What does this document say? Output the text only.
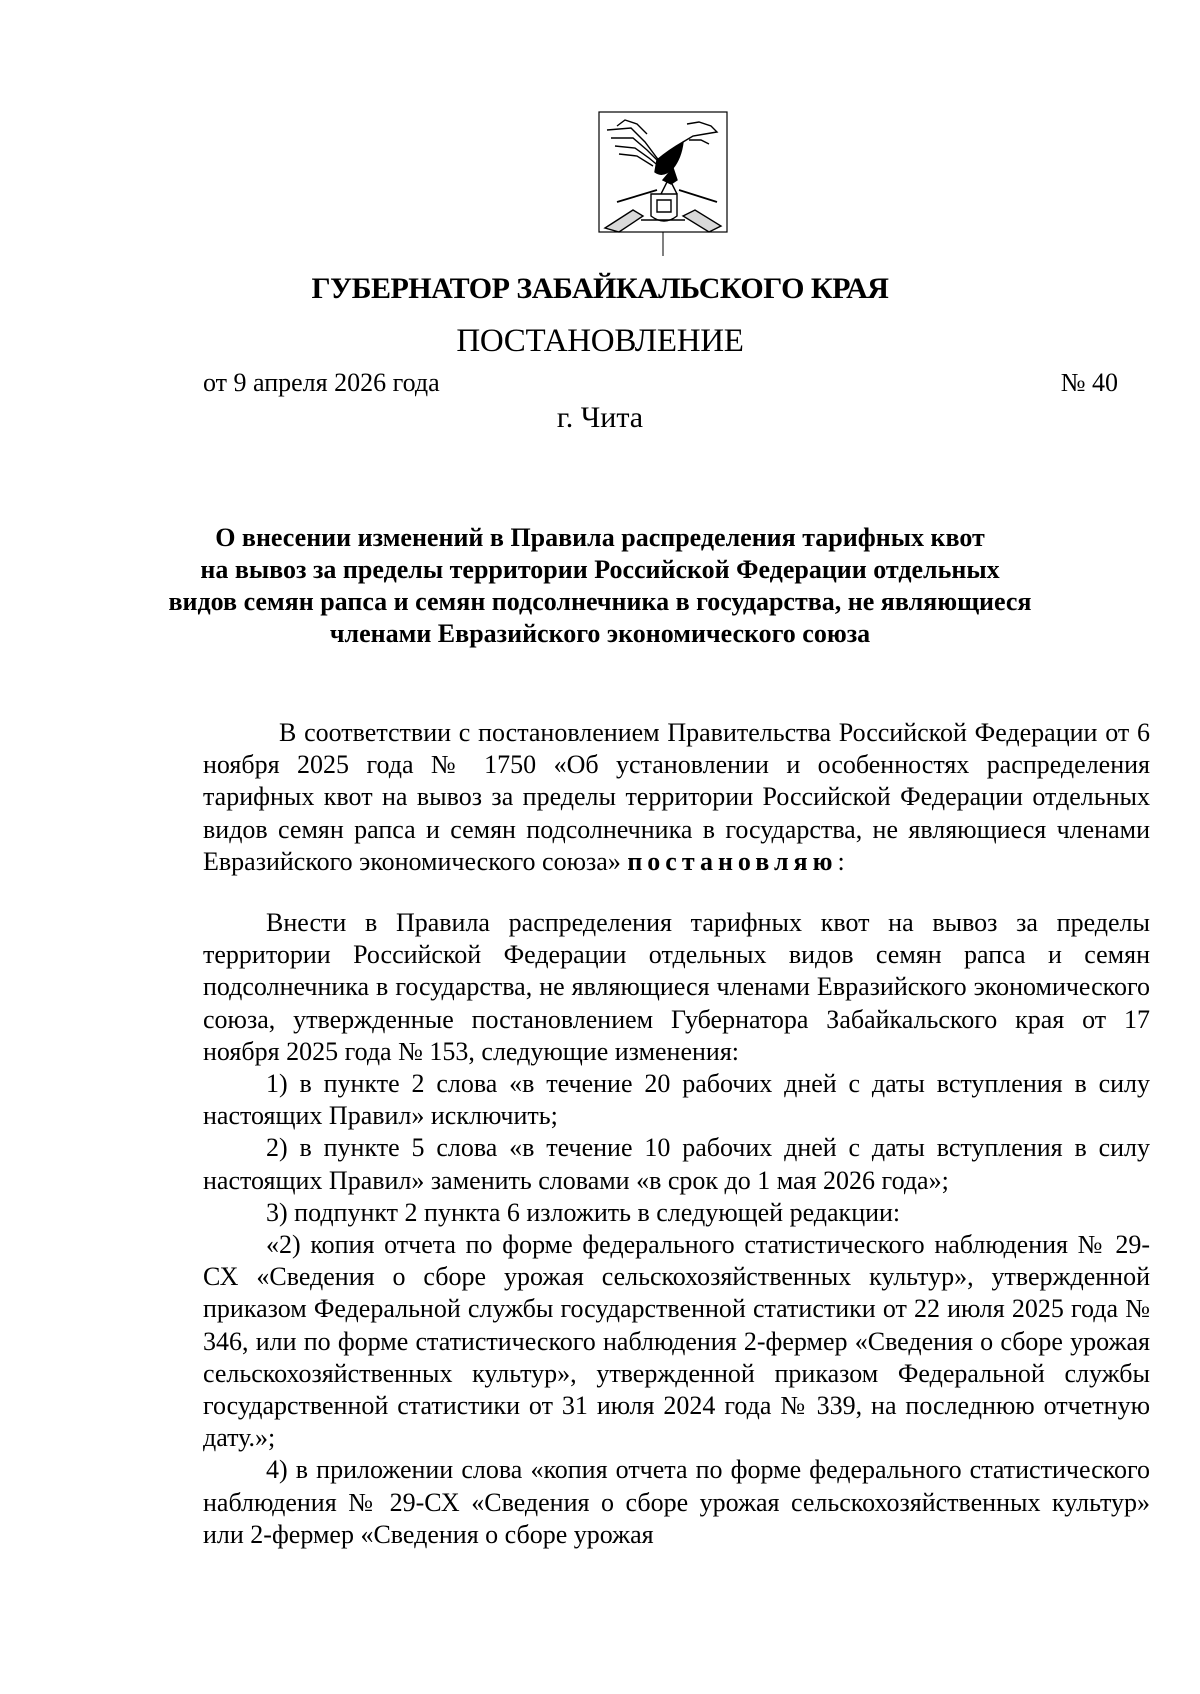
ГУБЕРНАТОР ЗАБАЙКАЛЬСКОГО КРАЯ
ПОСТАНОВЛЕНИЕ
от 9 апреля 2026 года	№ 40
г. Чита
О внесении изменений в Правила распределения тарифных квот
на вывоз за пределы территории Российской Федерации отдельных
видов семян рапса и семян подсолнечника в государства, не являющиеся
членами Евразийского экономического союза

В соответствии с постановлением Правительства Российской Федерации от 6 ноября 2025 года № 1750 «Об установлении и особенностях распределения тарифных квот на вывоз за пределы территории Российской Федерации отдельных видов семян рапса и семян подсолнечника в государства, не являющиеся членами Евразийского экономического союза» постановляю:

Внести в Правила распределения тарифных квот на вывоз за пределы территории Российской Федерации отдельных видов семян рапса и семян подсолнечника в государства, не являющиеся членами Евразийского экономического союза, утвержденные постановлением Губернатора Забайкальского края от 17 ноября 2025 года № 153, следующие изменения:

1) в пункте 2 слова «в течение 20 рабочих дней с даты вступления в силу настоящих Правил» исключить;

2) в пункте 5 слова «в течение 10 рабочих дней с даты вступления в силу настоящих Правил» заменить словами «в срок до 1 мая 2026 года»;

3) подпункт 2 пункта 6 изложить в следующей редакции:

«2) копия отчета по форме федерального статистического наблюдения № 29-СХ «Сведения о сборе урожая сельскохозяйственных культур», утвержденной приказом Федеральной службы государственной статистики от 22 июля 2025 года № 346, или по форме статистического наблюдения 2-фермер «Сведения о сборе урожая сельскохозяйственных культур», утвержденной приказом Федеральной службы государственной статистики от 31 июля 2024 года № 339, на последнюю отчетную дату.»;

4) в приложении слова «копия отчета по форме федерального статистического наблюдения № 29-СХ «Сведения о сборе урожая сельскохозяйственных культур» или 2-фермер «Сведения о сборе урожая
